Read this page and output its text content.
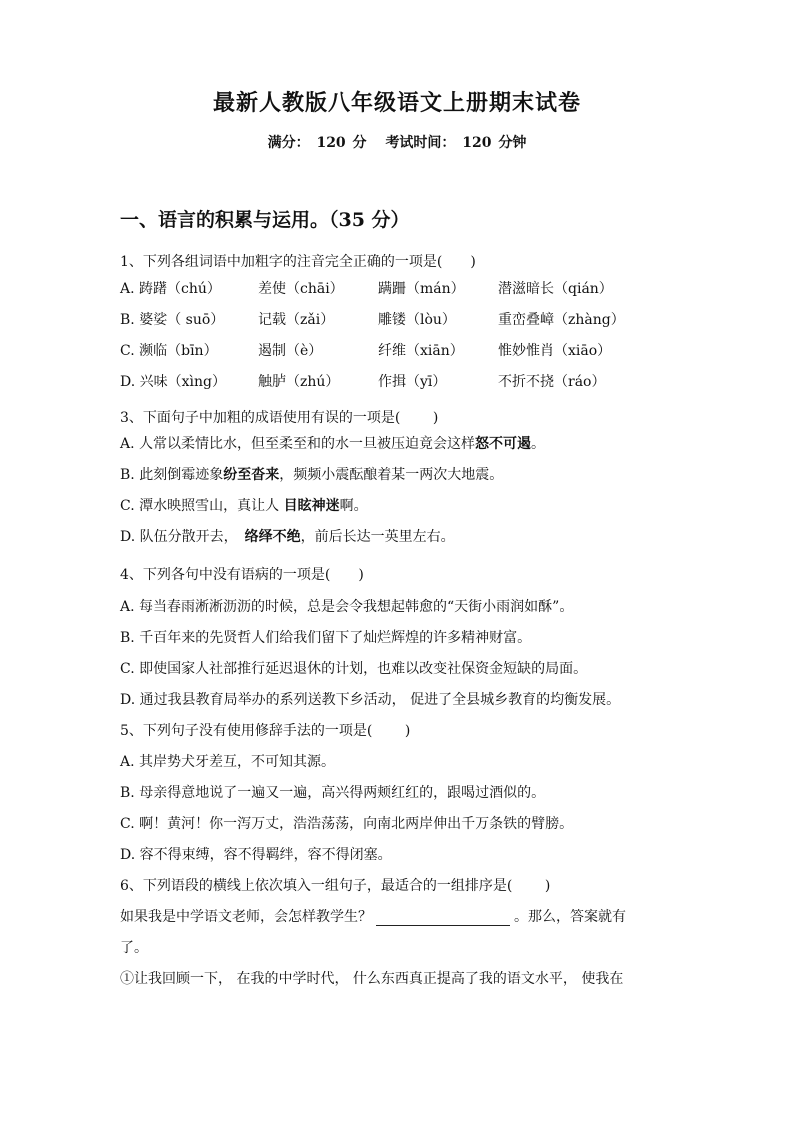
最新人教版八年级语文上册期末试卷
满分： 120 分 考试时间： 120 分钟
一、语言的积累与运用。（35 分）
1、下列各组词语中加粗字的注音完全正确的一项是(　　)
A. 踌躇（chú）	差使（chāi） 蹒跚（mán） 潜滋暗长（qián）
B. 婆娑（ suō） 记载（zǎi）	雕镂（lòu）	重峦叠嶂（zhàng）
C. 濒临（bīn）	遏制（è）	纤维（xiān） 惟妙惟肖（xiāo）
D. 兴味（xìng） 触胪（zhú）	作揖（yī）	不折不挠（ráo）
3、下面句子中加粗的成语使用有误的一项是(　　 )
A. 人常以柔情比水，但至柔至和的水一旦被压迫竟会这样怒不可遏。
B. 此刻倒霉迹象纷至沓来，频频小震酝酿着某一两次大地震。
C. 潭水映照雪山，真让人 目眩神迷啊。
D. 队伍分散开去，　络绎不绝，前后长达一英里左右。
4、下列各句中没有语病的一项是(　　)
A. 每当春雨淅淅沥沥的时候，总是会令我想起韩愈的“天街小雨润如酥”。
B. 千百年来的先贤哲人们给我们留下了灿烂辉煌的许多精神财富。
C. 即使国家人社部推行延迟退休的计划，也难以改变社保资金短缺的局面。
D. 通过我县教育局举办的系列送教下乡活动， 促进了全县城乡教育的均衡发展。
5、下列句子没有使用修辞手法的一项是(　　 )
A. 其岸势犬牙差互，不可知其源。
B. 母亲得意地说了一遍又一遍，高兴得两颊红红的，跟喝过酒似的。
C. 啊！黄河！你一泻万丈，浩浩荡荡，向南北两岸伸出千万条铁的臂膀。
D. 容不得束缚，容不得羁绊，容不得闭塞。
6、下列语段的横线上依次填入一组句子，最适合的一组排序是(　　 )
如果我是中学语文老师，会怎样教学生？	。那么，答案就有
了。
①让我回顾一下， 在我的中学时代， 什么东西真正提高了我的语文水平， 使我在
